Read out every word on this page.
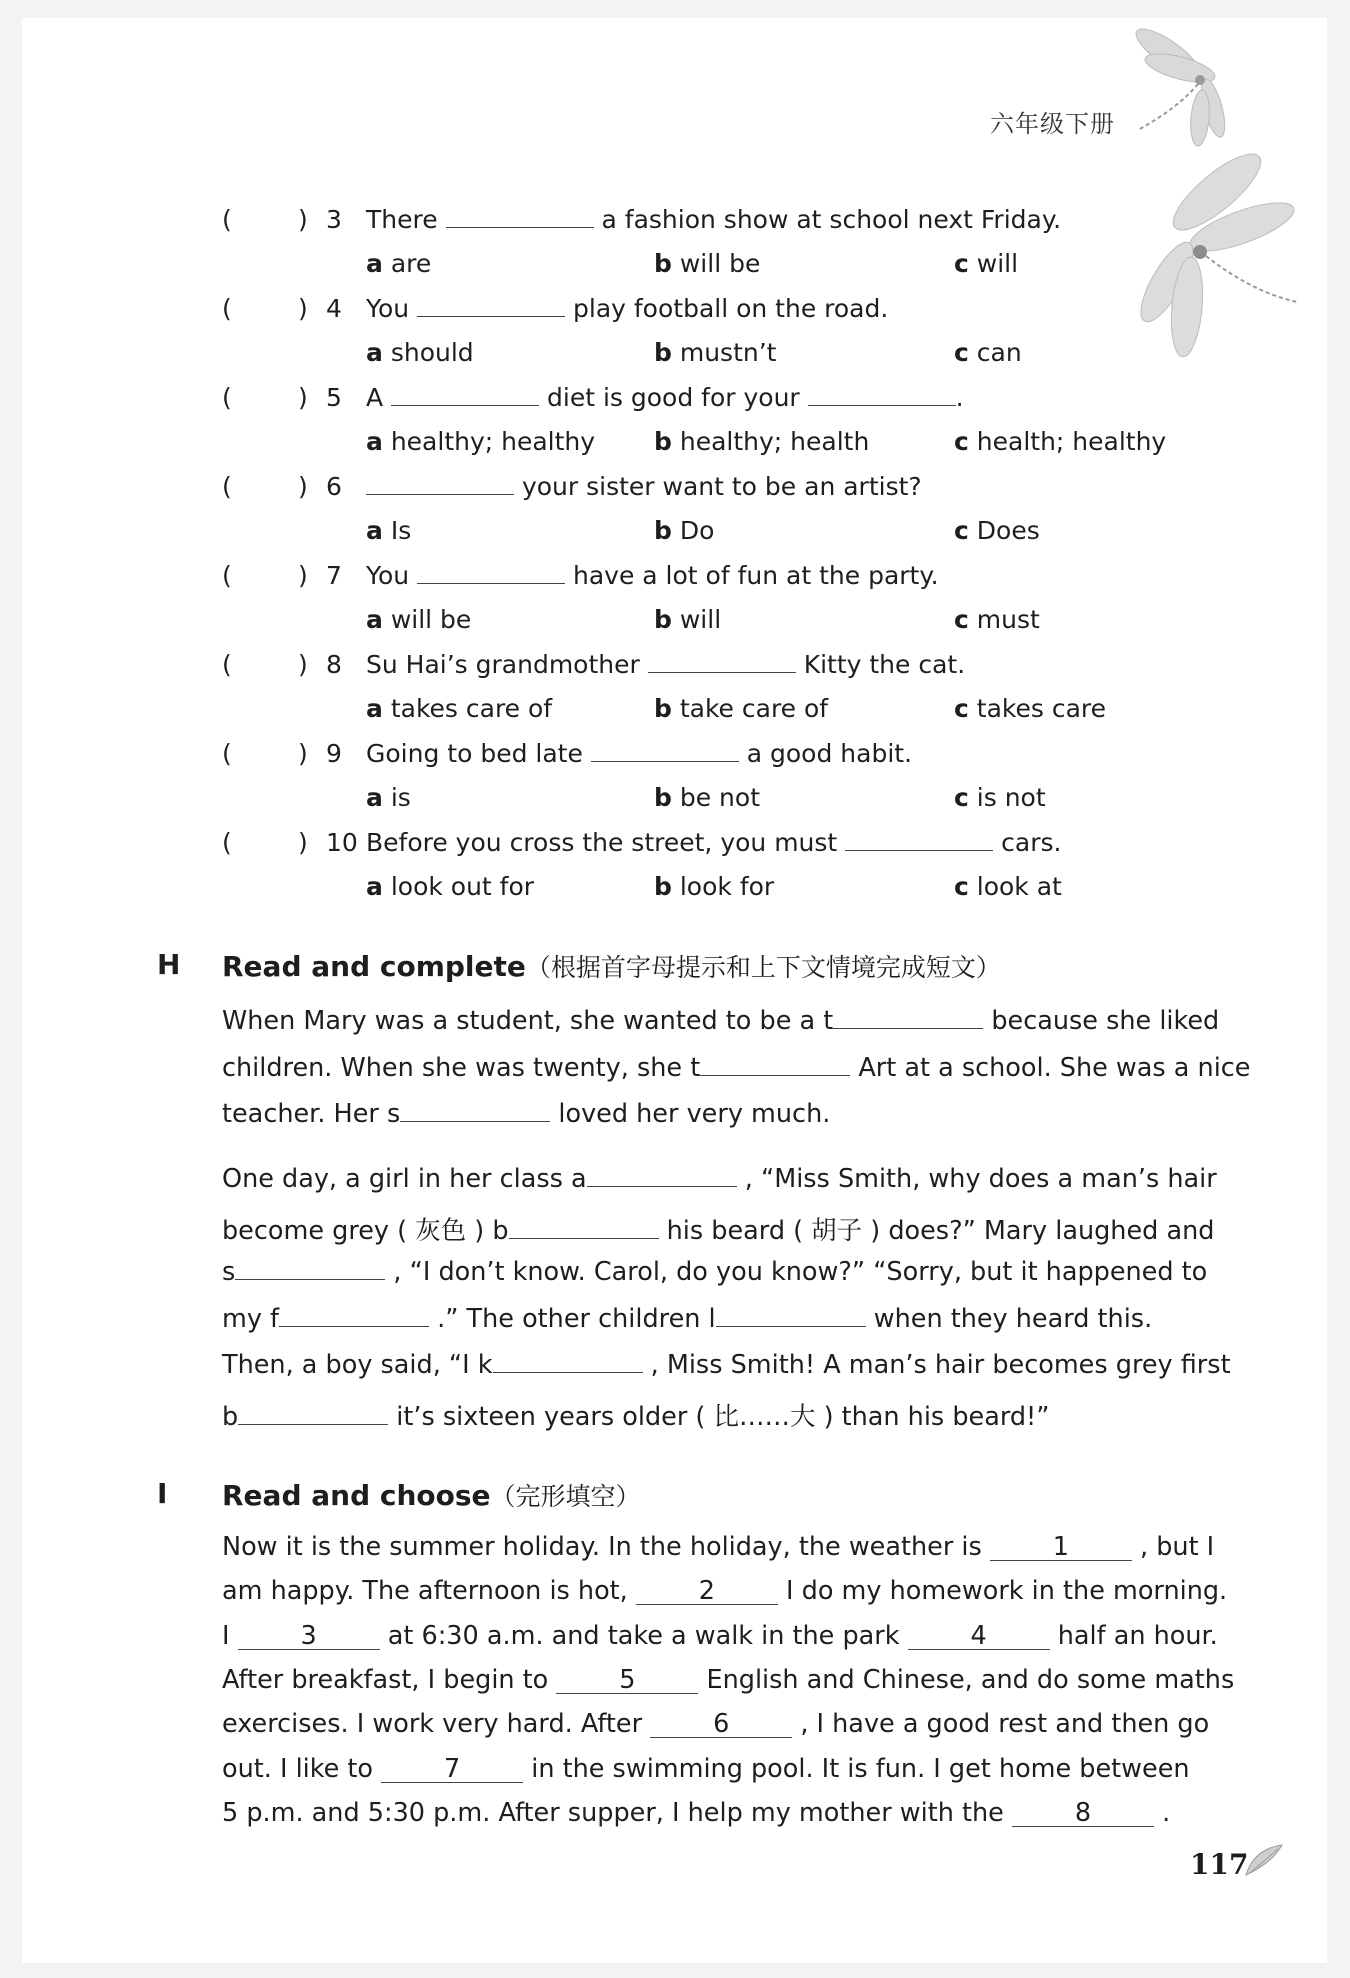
六年级下册
(	) 3 There	a fashion show at school next Friday.
a are	b will be	c will
(	) 4 You	play football on the road.
a should	b mustn’t	c can
(	) 5 A	diet is good for your	.
a healthy; healthy b healthy; health	c health; healthy
(	) 6	your sister want to be an artist?
a Is	b Do	c Does
(	) 7 You	have a lot of fun at the party.
a will be	b will	c must
(	) 8 Su Hai’s grandmother	Kitty the cat.
a takes care of	b take care of	c takes care
(	) 9 Going to bed late	a good habit.
a is	b be not	c is not
(	) 10 Before you cross the street, you must	cars.
a look out for	b look for	c look at
H Read and complete（根据首字母提示和上下文情境完成短文）
When Mary was a student, she wanted to be a t	because she liked
children. When she was twenty, she t	Art at a school. She was a nice
teacher. Her s	loved her very much.
One day, a girl in her class a	, “Miss Smith, why does a man’s hair
become grey ( 灰色 ) b	his beard ( 胡子 ) does?” Mary laughed and
s	, “I don’t know. Carol, do you know?” “Sorry, but it happened to
my f	.” The other children l	when they heard this.
Then, a boy said, “I k	, Miss Smith! A man’s hair becomes grey first
b	it’s sixteen years older ( 比……大 ) than his beard!”
I Read and choose（完形填空）
Now it is the summer holiday. In the holiday, the weather is	1	, but I
am happy. The afternoon is hot,	2	I do my homework in the morning.
I	3	at 6:30 a.m. and take a walk in the park	4	half an hour.
After breakfast, I begin to	5	English and Chinese, and do some maths
exercises. I work very hard. After	6	, I have a good rest and then go
out. I like to	7	in the swimming pool. It is fun. I get home between
5 p.m. and 5:30 p.m. After supper, I help my mother with the	8	.
117
